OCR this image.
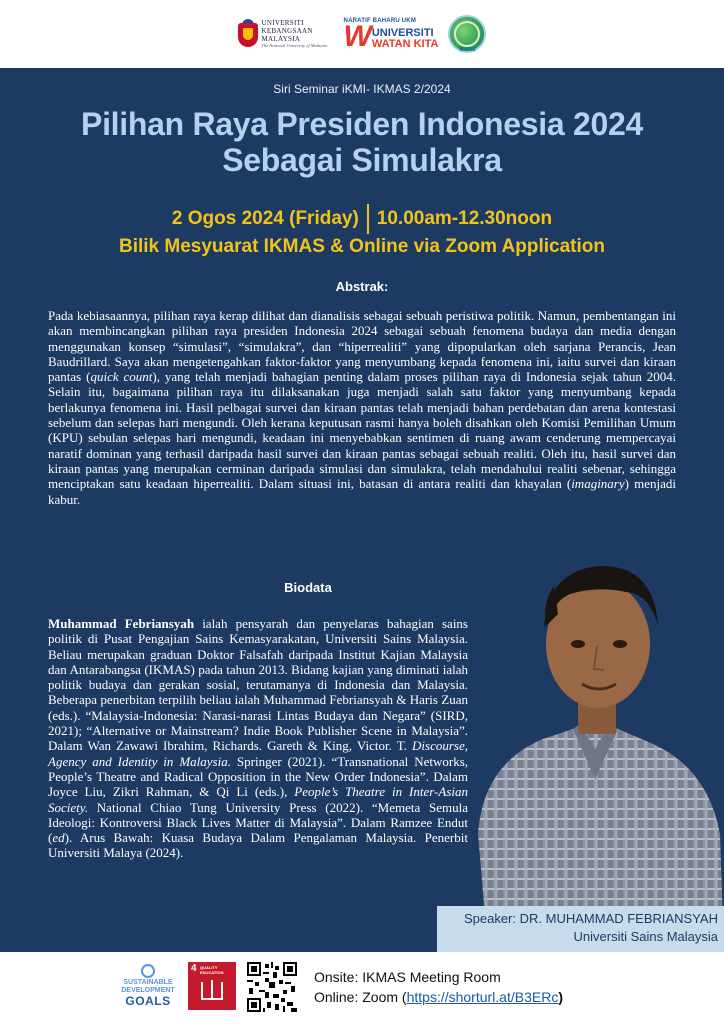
UNIVERSITI
KEBANGSAAN
MALAYSIA
The National University of Malaysia
NARATIF BAHARU UKM
W UNIVERSITI
WATAN KITA	IKMAS
Siri Seminar iKMI- IKMAS 2/2024
Pilihan Raya Presiden Indonesia 2024
Sebagai Simulakra
2 Ogos 2024 (Friday) 10.00am-12.30noon
Bilik Mesyuarat IKMAS & Online via Zoom Application
Abstrak:
Pada kebiasaannya, pilihan raya kerap dilihat dan dianalisis sebagai sebuah peristiwa politik. Namun, pembentangan ini akan membincangkan pilihan raya presiden Indonesia 2024 sebagai sebuah fenomena budaya dan media dengan menggunakan konsep “simulasi”, “simulakra”, dan “hiperrealiti” yang dipopularkan oleh sarjana Perancis, Jean Baudrillard. Saya akan mengetengahkan faktor-faktor yang menyumbang kepada fenomena ini, iaitu survei dan kiraan pantas (quick count), yang telah menjadi bahagian penting dalam proses pilihan raya di Indonesia sejak tahun 2004. Selain itu, bagaimana pilihan raya itu dilaksanakan juga menjadi salah satu faktor yang menyumbang kepada berlakunya fenomena ini. Hasil pelbagai survei dan kiraan pantas telah menjadi bahan perdebatan dan arena kontestasi sebelum dan selepas hari mengundi. Oleh kerana keputusan rasmi hanya boleh disahkan oleh Komisi Pemilihan Umum (KPU) sebulan selepas hari mengundi, keadaan ini menyebabkan sentimen di ruang awam cenderung mempercayai naratif dominan yang terhasil daripada hasil survei dan kiraan pantas sebagai sebuah realiti. Oleh itu, hasil survei dan kiraan pantas yang merupakan cerminan daripada simulasi dan simulakra, telah mendahului realiti sebenar, sehingga menciptakan satu keadaan hiperrealiti. Dalam situasi ini, batasan di antara realiti dan khayalan (imaginary) menjadi kabur.
Biodata
Muhammad Febriansyah ialah pensyarah dan penyelaras bahagian sains politik di Pusat Pengajian Sains Kemasyarakatan, Universiti Sains Malaysia. Beliau merupakan graduan Doktor Falsafah daripada Institut Kajian Malaysia dan Antarabangsa (IKMAS) pada tahun 2013. Bidang kajian yang diminati ialah politik budaya dan gerakan sosial, terutamanya di Indonesia dan Malaysia. Beberapa penerbitan terpilih beliau ialah Muhammad Febriansyah & Haris Zuan (eds.). “Malaysia-Indonesia: Narasi-narasi Lintas Budaya dan Negara” (SIRD, 2021); “Alternative or Mainstream? Indie Book Publisher Scene in Malaysia”. Dalam Wan Zawawi Ibrahim, Richards. Gareth & King, Victor. T. Discourse, Agency and Identity in Malaysia. Springer (2021). “Transnational Networks, People’s Theatre and Radical Opposition in the New Order Indonesia”. Dalam Joyce Liu, Zikri Rahman, & Qi Li (eds.), People’s Theatre in Inter-Asian Society. National Chiao Tung University Press (2022). “Memeta Semula Ideologi: Kontroversi Black Lives Matter di Malaysia”. Dalam Ramzee Endut (ed). Arus Bawah: Kuasa Budaya Dalam Pengalaman Malaysia. Penerbit Universiti Malaya (2024).
Speaker: DR. MUHAMMAD FEBRIANSYAH
Universiti Sains Malaysia
SUSTAINABLE
DEVELOPMENT
GOALS
4 QUALITY
EDUCATION	Onsite: IKMAS Meeting Room
Online: Zoom (https://shorturl.at/B3ERc)
